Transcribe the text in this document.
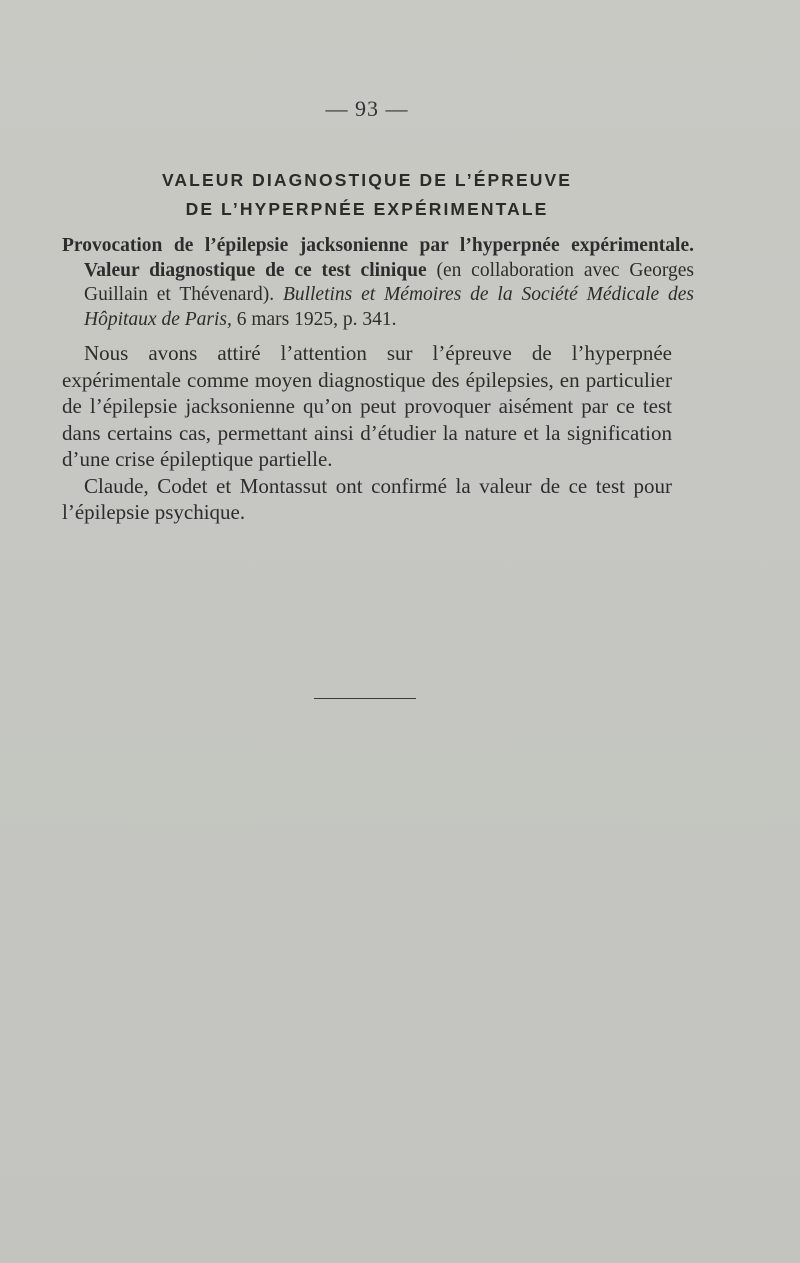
— 93 —
VALEUR DIAGNOSTIQUE DE L’ÉPREUVE
DE L’HYPERPNÉE EXPÉRIMENTALE
Provocation de l’épilepsie jacksonienne par l’hyperpnée expérimentale. Valeur diagnostique de ce test clinique (en collaboration avec Georges Guillain et Thévenard). Bulletins et Mémoires de la Société Médicale des Hôpitaux de Paris, 6 mars 1925, p. 341.

Nous avons attiré l’attention sur l’épreuve de l’hyperpnée expérimentale comme moyen diagnostique des épilepsies, en particulier de l’épilepsie jacksonienne qu’on peut provoquer aisément par ce test dans certains cas, permettant ainsi d’étudier la nature et la signification d’une crise épileptique partielle.

Claude, Codet et Montassut ont confirmé la valeur de ce test pour l’épilepsie psychique.
